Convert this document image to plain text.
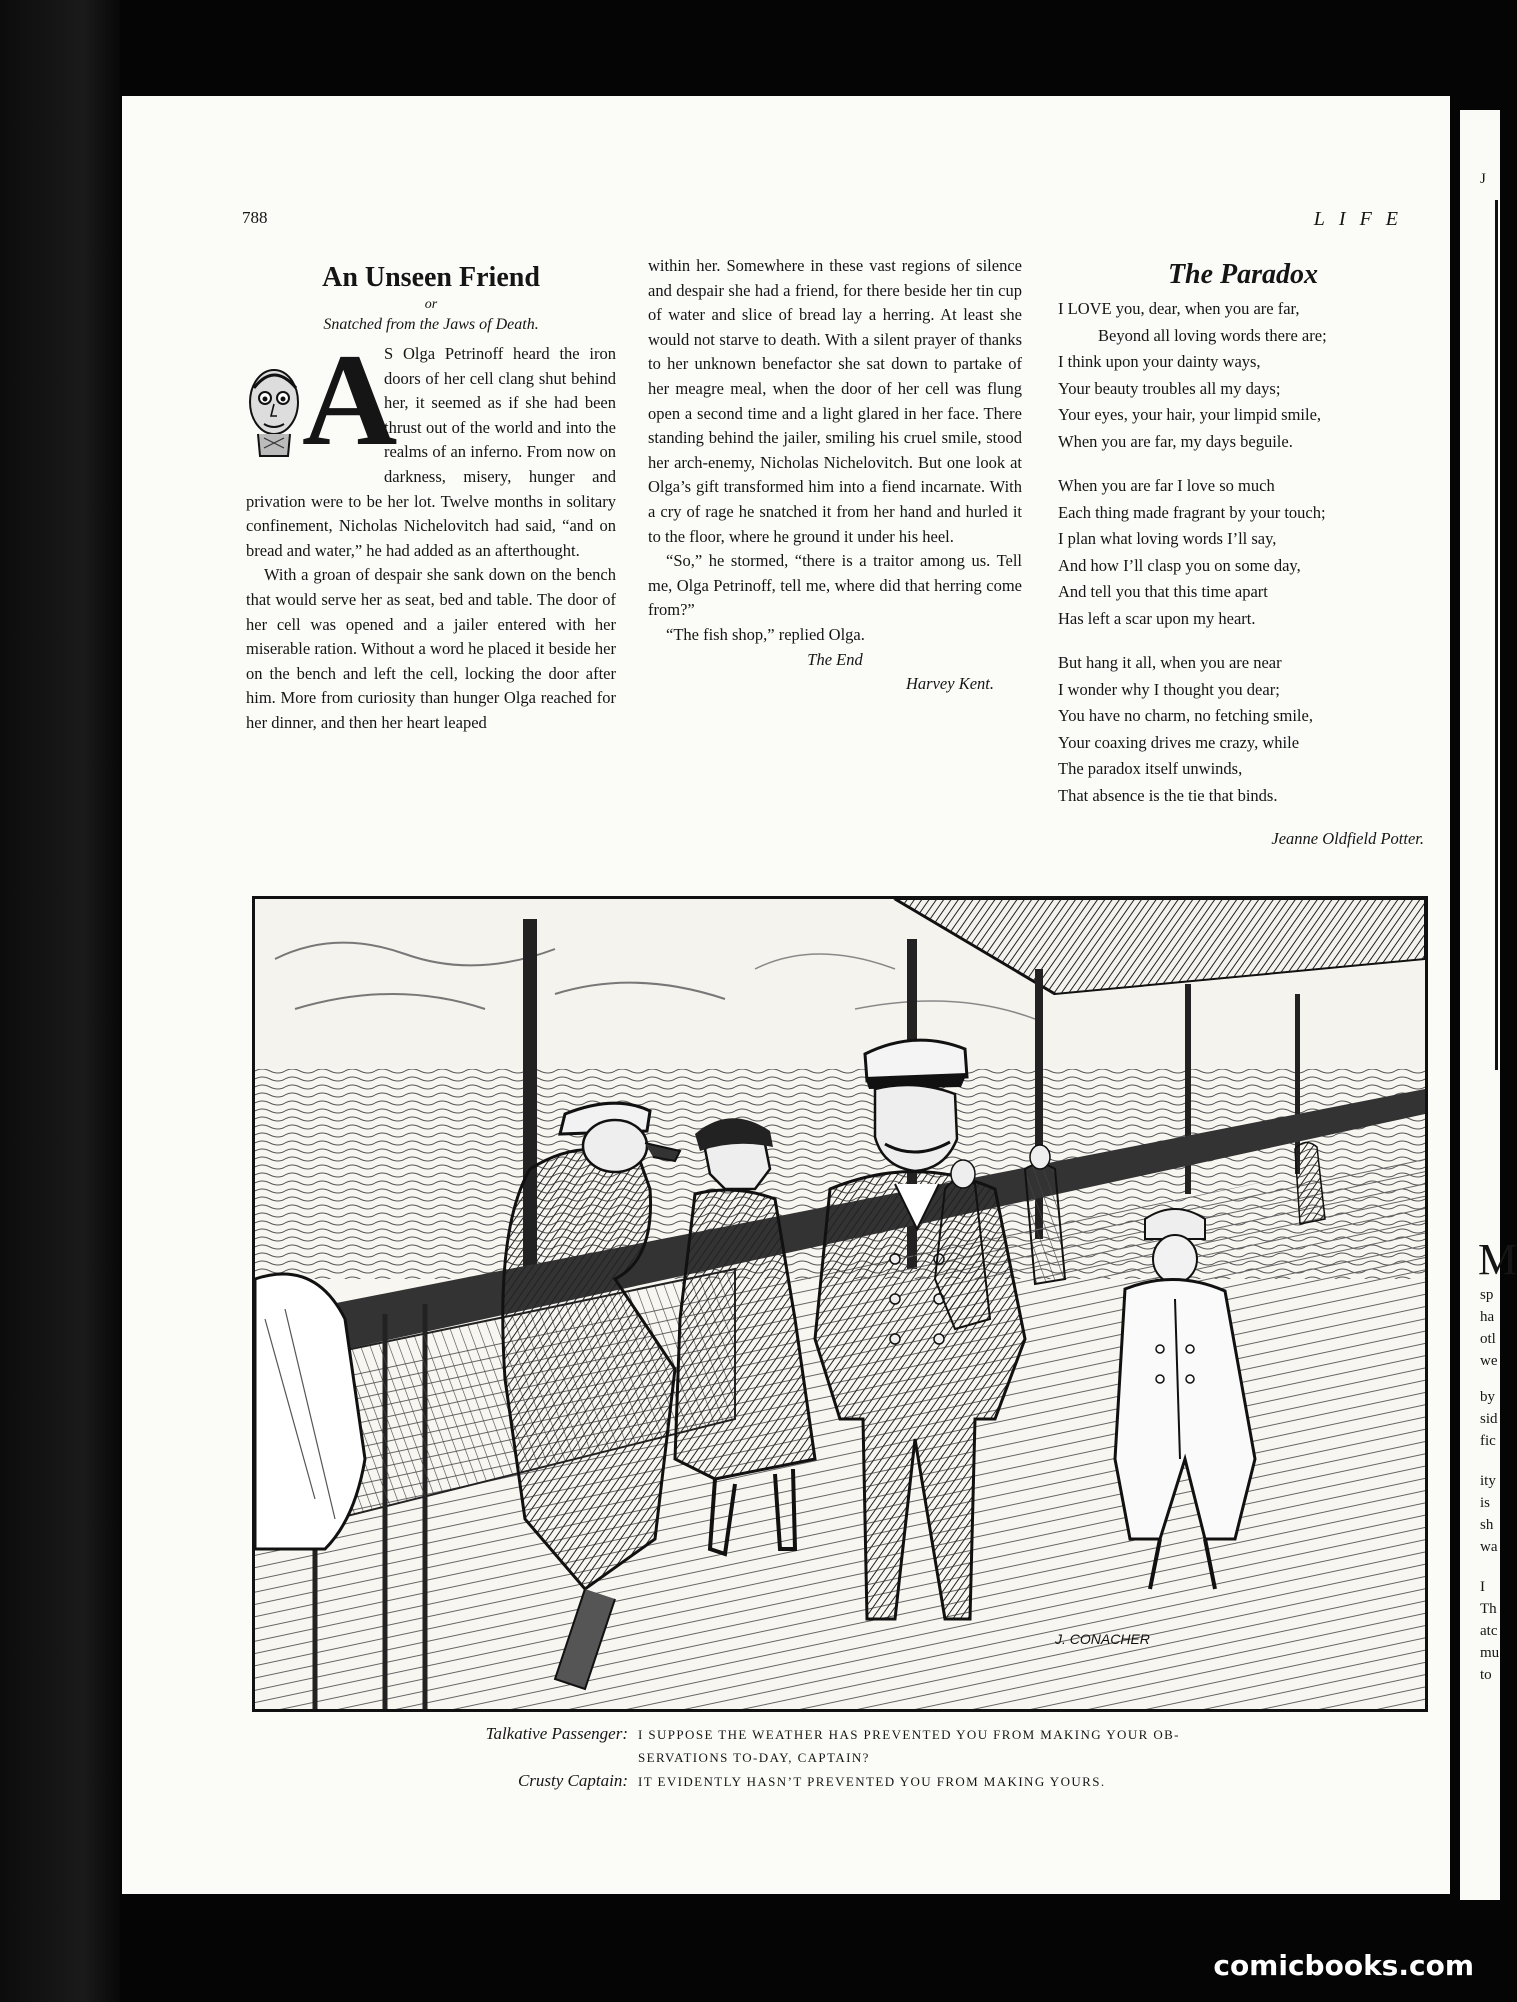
J
M
sp
ha
otl
we
by
sid
fic
ity
is
sh
wa
I
Th
atc
mu
to
788	LIFE
An Unseen Friend
or
Snatched from the Jaws of Death.

A
S Olga Petrinoff heard the iron doors of her cell clang shut behind her, it seemed as if she had been thrust out of the world and into the realms of an inferno. From now on darkness, misery, hunger and privation were to be her lot. Twelve months in solitary confinement, Nicholas Nichelovitch had said, “and on bread and water,” he had added as an afterthought.

With a groan of despair she sank down on the bench that would serve her as seat, bed and table. The door of her cell was opened and a jailer entered with her miserable ration. Without a word he placed it beside her on the bench and left the cell, locking the door after him. More from curiosity than hunger Olga reached for her dinner, and then her heart leaped

within her. Somewhere in these vast regions of silence and despair she had a friend, for there beside her tin cup of water and slice of bread lay a herring. At least she would not starve to death. With a silent prayer of thanks to her unknown benefactor she sat down to partake of her meagre meal, when the door of her cell was flung open a second time and a light glared in her face. There standing behind the jailer, smiling his cruel smile, stood her arch-enemy, Nicholas Nichelovitch. But one look at Olga’s gift transformed him into a fiend incarnate. With a cry of rage he snatched it from her hand and hurled it to the floor, where he ground it under his heel.

“So,” he stormed, “there is a traitor among us. Tell me, Olga Petrinoff, tell me, where did that herring come from?”

“The fish shop,” replied Olga.

The End
Harvey Kent.
The Paradox
I LOVE you, dear, when you are far,
Beyond all loving words there are;
I think upon your dainty ways,
Your beauty troubles all my days;
Your eyes, your hair, your limpid smile,
When you are far, my days beguile.
When you are far I love so much
Each thing made fragrant by your touch;
I plan what loving words I’ll say,
And how I’ll clasp you on some day,
And tell you that this time apart
Has left a scar upon my heart.
But hang it all, when you are near
I wonder why I thought you dear;
You have no charm, no fetching smile,
Your coaxing drives me crazy, while
The paradox itself unwinds,
That absence is the tie that binds.
Jeanne Oldfield Potter.
J. CONACHER
Talkative Passenger: I SUPPOSE THE WEATHER HAS PREVENTED YOU FROM MAKING YOUR OB-
SERVATIONS TO-DAY, CAPTAIN?
Crusty Captain: IT EVIDENTLY HASN’T PREVENTED YOU FROM MAKING YOURS.
comicbooks.com
